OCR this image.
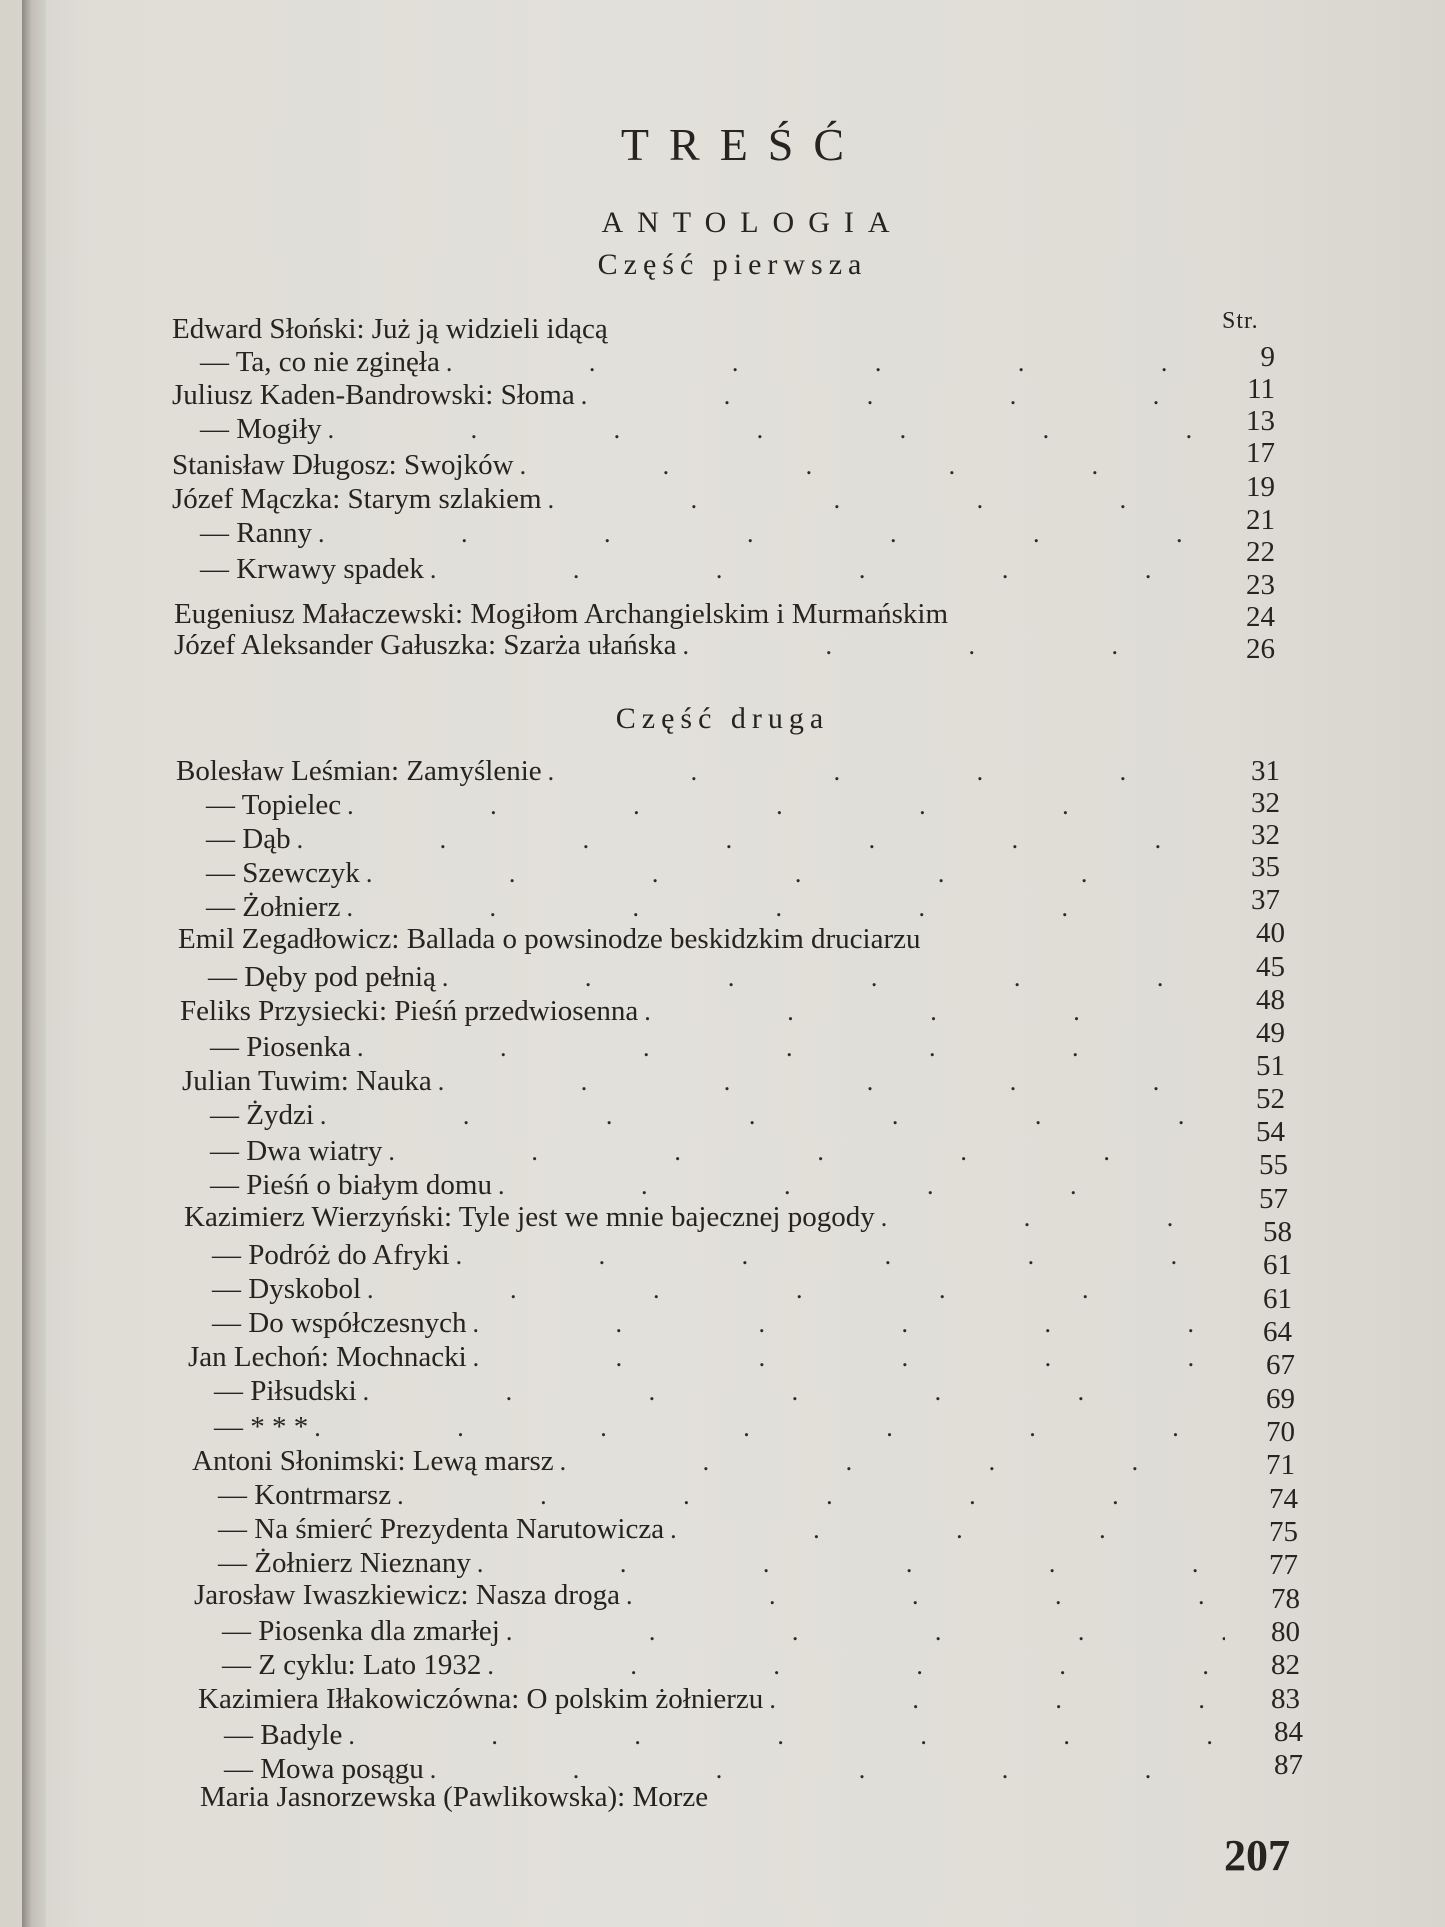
TREŚĆ
ANTOLOGIA
Część pierwsza
Str.
Część druga
Edward Słoński: Już ją widzieli idącą
— Ta, co nie zginęła
.
Juliusz Kaden-Bandrowski: Słoma
.
— Mogiły
.
Stanisław Długosz: Swojków
.
Józef Mączka: Starym szlakiem
.
— Ranny
.
— Krwawy spadek
.
Eugeniusz Małaczewski: Mogiłom Archangielskim i Murmańskim
Józef Aleksander Gałuszka: Szarża ułańska
.
Bolesław Leśmian: Zamyślenie
.
— Topielec
.
— Dąb
.
— Szewczyk
.
— Żołnierz
.
Emil Zegadłowicz: Ballada o powsinodze beskidzkim druciarzu
— Dęby pod pełnią
.
Feliks Przysiecki: Pieśń przedwiosenna
.
— Piosenka
.
Julian Tuwim: Nauka
.
— Żydzi
.
— Dwa wiatry
.
— Pieśń o białym domu
.
Kazimierz Wierzyński: Tyle jest we mnie bajecznej pogody
.
— Podróż do Afryki
.
— Dyskobol
.
— Do współczesnych
.
Jan Lechoń: Mochnacki
.
— Piłsudski
.
— * * *
.
Antoni Słonimski: Lewą marsz
.
— Kontrmarsz
.
— Na śmierć Prezydenta Narutowicza
.
— Żołnierz Nieznany
.
Jarosław Iwaszkiewicz: Nasza droga
.
— Piosenka dla zmarłej
.
— Z cyklu: Lato 1932
.
Kazimiera Iłłakowiczówna: O polskim żołnierzu
.
— Badyle
.
— Mowa posągu
.
Maria Jasnorzewska (Pawlikowska): Morze
9
11
13
17
19
21
22
23
24
26
31
32
32
35
37
40
45
48
49
51
52
54
55
57
58
61
61
64
67
69
70
71
74
75
77
78
80
82
83
84
87
207
